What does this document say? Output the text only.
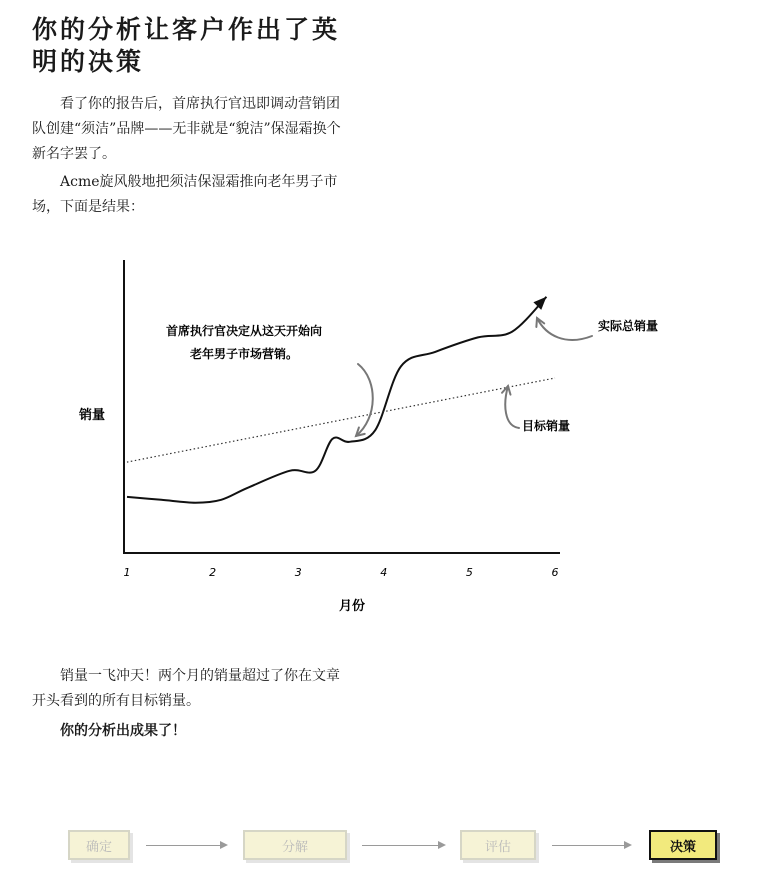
你的分析让客户作出了英明的决策

看了你的报告后，首席执行官迅即调动营销团队创建“须洁”品牌——无非就是“貌洁”保湿霜换个新名字罢了。

Acme旋风般地把须洁保湿霜推向老年男子市场，下面是结果：

1	2	3	4	5	6
销量
月份
首席执行官决定从这天开始向
老年男子市场营销。
实际总销量
目标销量

销量一飞冲天！两个月的销量超过了你在文章开头看到的所有目标销量。

你的分析出成果了！

确定	分解	评估	决策
